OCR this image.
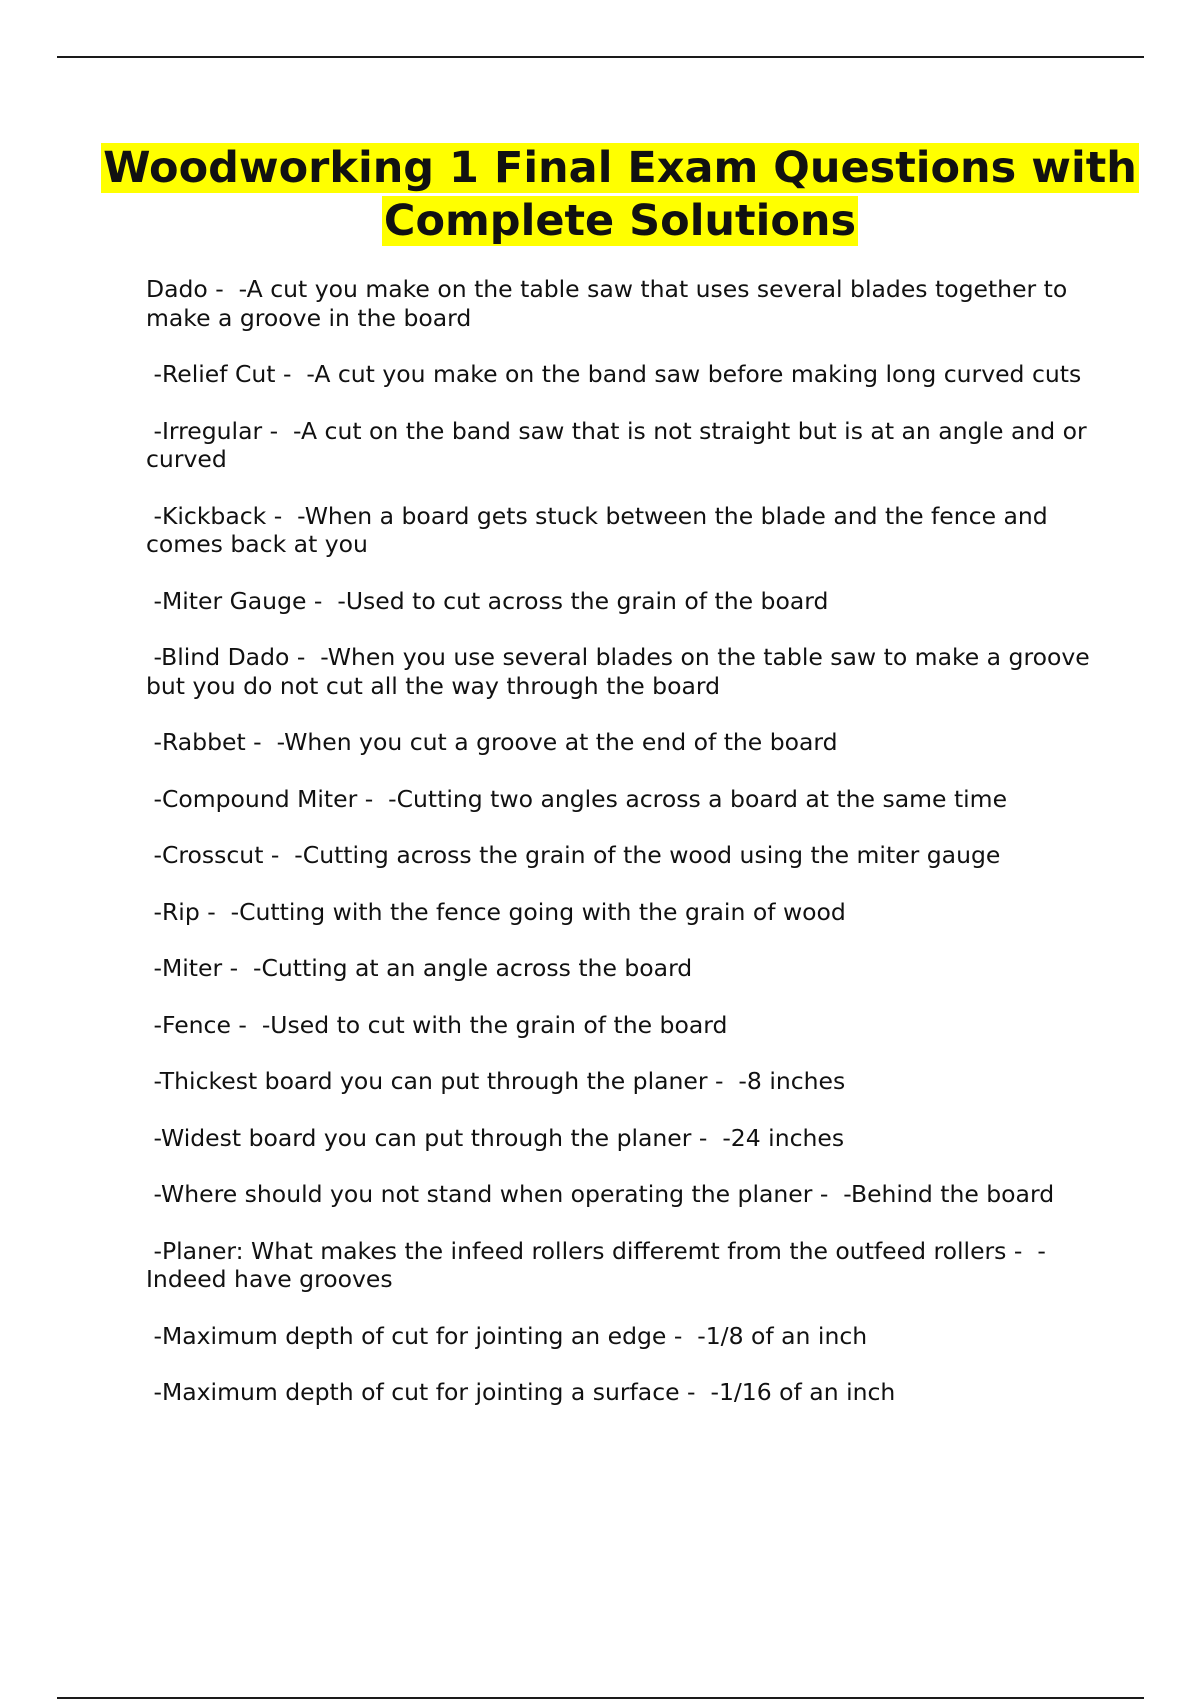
Woodworking 1 Final Exam Questions with Complete Solutions
Dado -  -A cut you make on the table saw that uses several blades together to make a groove in the board
-Relief Cut -  -A cut you make on the band saw before making long curved cuts
-Irregular -  -A cut on the band saw that is not straight but is at an angle and or curved
-Kickback -  -When a board gets stuck between the blade and the fence and comes back at you
-Miter Gauge -  -Used to cut across the grain of the board
-Blind Dado -  -When you use several blades on the table saw to make a groove but you do not cut all the way through the board
-Rabbet -  -When you cut a groove at the end of the board
-Compound Miter -  -Cutting two angles across a board at the same time
-Crosscut -  -Cutting across the grain of the wood using the miter gauge
-Rip -  -Cutting with the fence going with the grain of wood
-Miter -  -Cutting at an angle across the board
-Fence -  -Used to cut with the grain of the board
-Thickest board you can put through the planer -  -8 inches
-Widest board you can put through the planer -  -24 inches
-Where should you not stand when operating the planer -  -Behind the board
-Planer: What makes the infeed rollers differemt from the outfeed rollers -  -Indeed have grooves
-Maximum depth of cut for jointing an edge -  -1/8 of an inch
-Maximum depth of cut for jointing a surface -  -1/16 of an inch
